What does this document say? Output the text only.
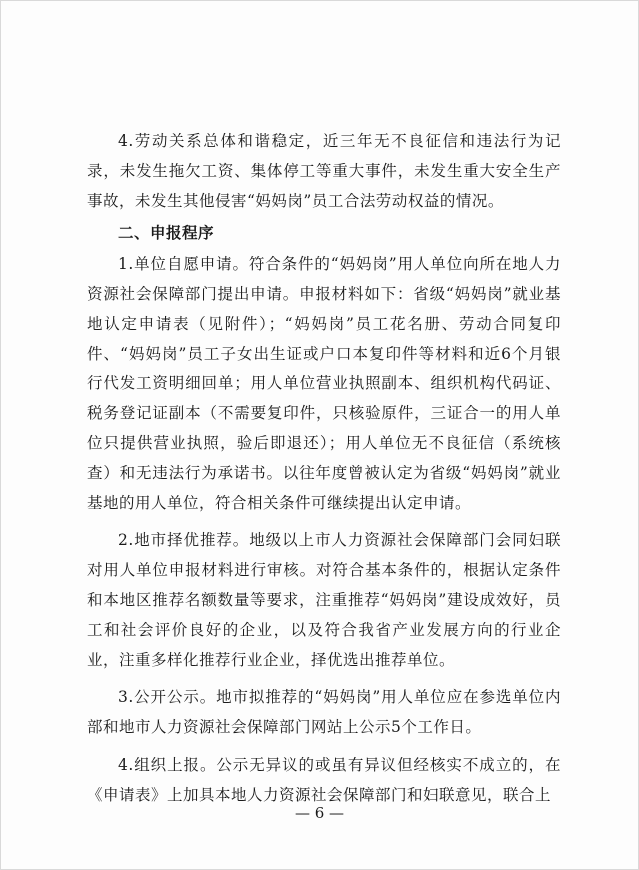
4.劳动关系总体和谐稳定，近三年无不良征信和违法行为记录，未发生拖欠工资、集体停工等重大事件，未发生重大安全生产事故，未发生其他侵害“妈妈岗”员工合法劳动权益的情况。

二、申报程序

1.单位自愿申请。符合条件的“妈妈岗”用人单位向所在地人力资源社会保障部门提出申请。申报材料如下：省级“妈妈岗”就业基地认定申请表（见附件）；“妈妈岗”员工花名册、劳动合同复印件、“妈妈岗”员工子女出生证或户口本复印件等材料和近6个月银行代发工资明细回单；用人单位营业执照副本、组织机构代码证、税务登记证副本（不需要复印件，只核验原件，三证合一的用人单位只提供营业执照，验后即退还）；用人单位无不良征信（系统核查）和无违法行为承诺书。以往年度曾被认定为省级“妈妈岗”就业基地的用人单位，符合相关条件可继续提出认定申请。

2.地市择优推荐。地级以上市人力资源社会保障部门会同妇联对用人单位申报材料进行审核。对符合基本条件的，根据认定条件和本地区推荐名额数量等要求，注重推荐“妈妈岗”建设成效好，员工和社会评价良好的企业，以及符合我省产业发展方向的行业企业，注重多样化推荐行业企业，择优选出推荐单位。

3.公开公示。地市拟推荐的“妈妈岗”用人单位应在参选单位内部和地市人力资源社会保障部门网站上公示5个工作日。

4.组织上报。公示无异议的或虽有异议但经核实不成立的，在《申请表》上加具本地人力资源社会保障部门和妇联意见，联合上

— 6 —
